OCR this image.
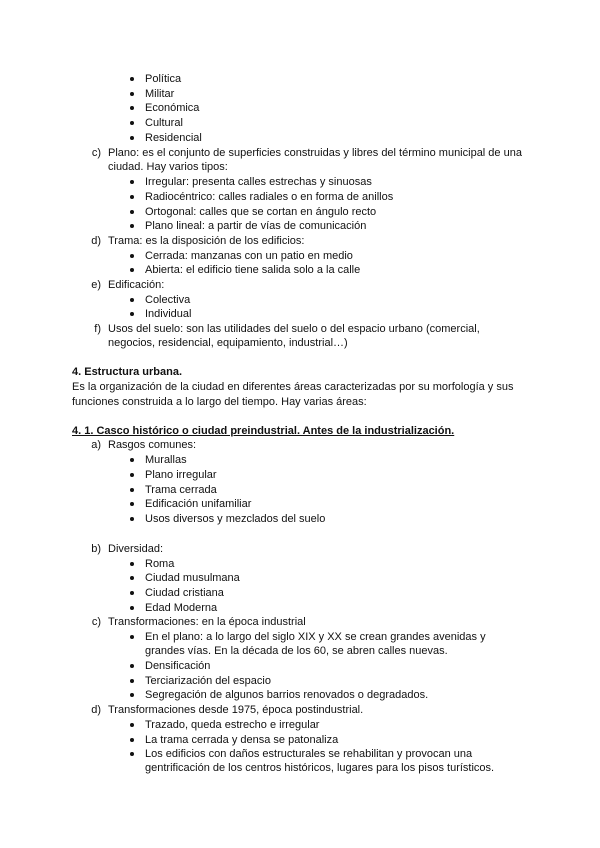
Política
Militar
Económica
Cultural
Residencial
c) Plano: es el conjunto de superficies construidas y libres del término municipal de una
ciudad. Hay varios tipos:
Irregular: presenta calles estrechas y sinuosas
Radiocéntrico: calles radiales o en forma de anillos
Ortogonal: calles que se cortan en ángulo recto
Plano lineal: a partir de vías de comunicación
d) Trama: es la disposición de los edificios:
Cerrada: manzanas con un patio en medio
Abierta: el edificio tiene salida solo a la calle
e) Edificación:
Colectiva
Individual
f) Usos del suelo: son las utilidades del suelo o del espacio urbano (comercial,
negocios, residencial, equipamiento, industrial…)
4. Estructura urbana.
Es la organización de la ciudad en diferentes áreas caracterizadas por su morfología y sus
funciones construida a lo largo del tiempo. Hay varias áreas:
4. 1. Casco histórico o ciudad preindustrial. Antes de la industrialización.
a) Rasgos comunes:
Murallas
Plano irregular
Trama cerrada
Edificación unifamiliar
Usos diversos y mezclados del suelo
b) Diversidad:
Roma
Ciudad musulmana
Ciudad cristiana
Edad Moderna
c) Transformaciones: en la época industrial
En el plano: a lo largo del siglo XIX y XX se crean grandes avenidas y
grandes vías. En la década de los 60, se abren calles nuevas.
Densificación
Terciarización del espacio
Segregación de algunos barrios renovados o degradados.
d) Transformaciones desde 1975, época postindustrial.
Trazado, queda estrecho e irregular
La trama cerrada y densa se patonaliza
Los edificios con daños estructurales se rehabilitan y provocan una
gentrificación de los centros históricos, lugares para los pisos turísticos.
